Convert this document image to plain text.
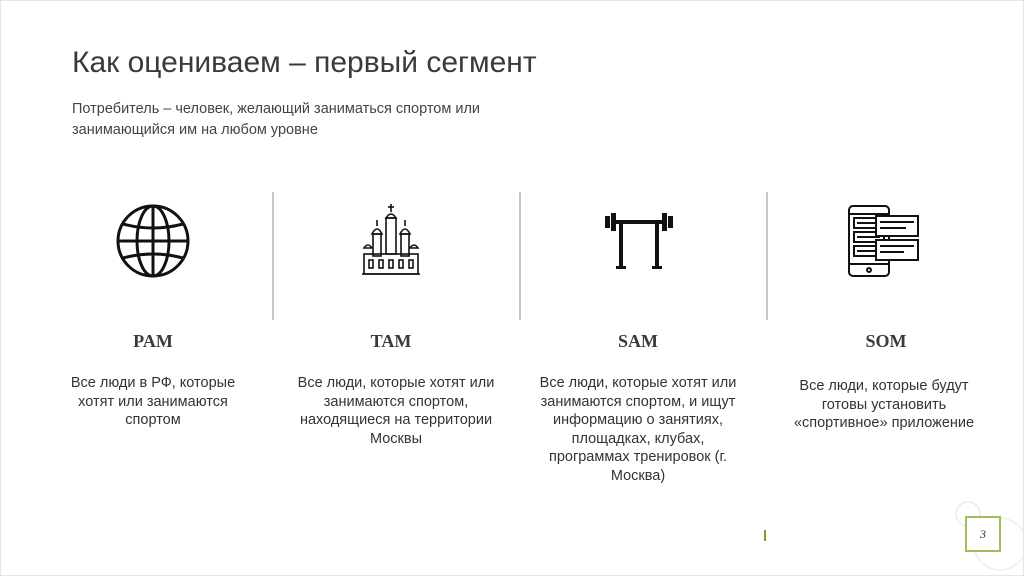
Как оцениваем – первый сегмент
Потребитель – человек, желающий заниматься спортом или занимающийся им на любом уровне
PAM
Все люди в РФ, которые хотят или занимаются спортом
TAM
Все люди, которые хотят или занимаются спортом, находящиеся на территории Москвы
SAM
Все люди, которые хотят или занимаются спортом, и ищут информацию о занятиях, площадках, клубах, программах тренировок (г. Москва)
SOM
Все люди, которые будут готовы установить «спортивное» приложение
3
